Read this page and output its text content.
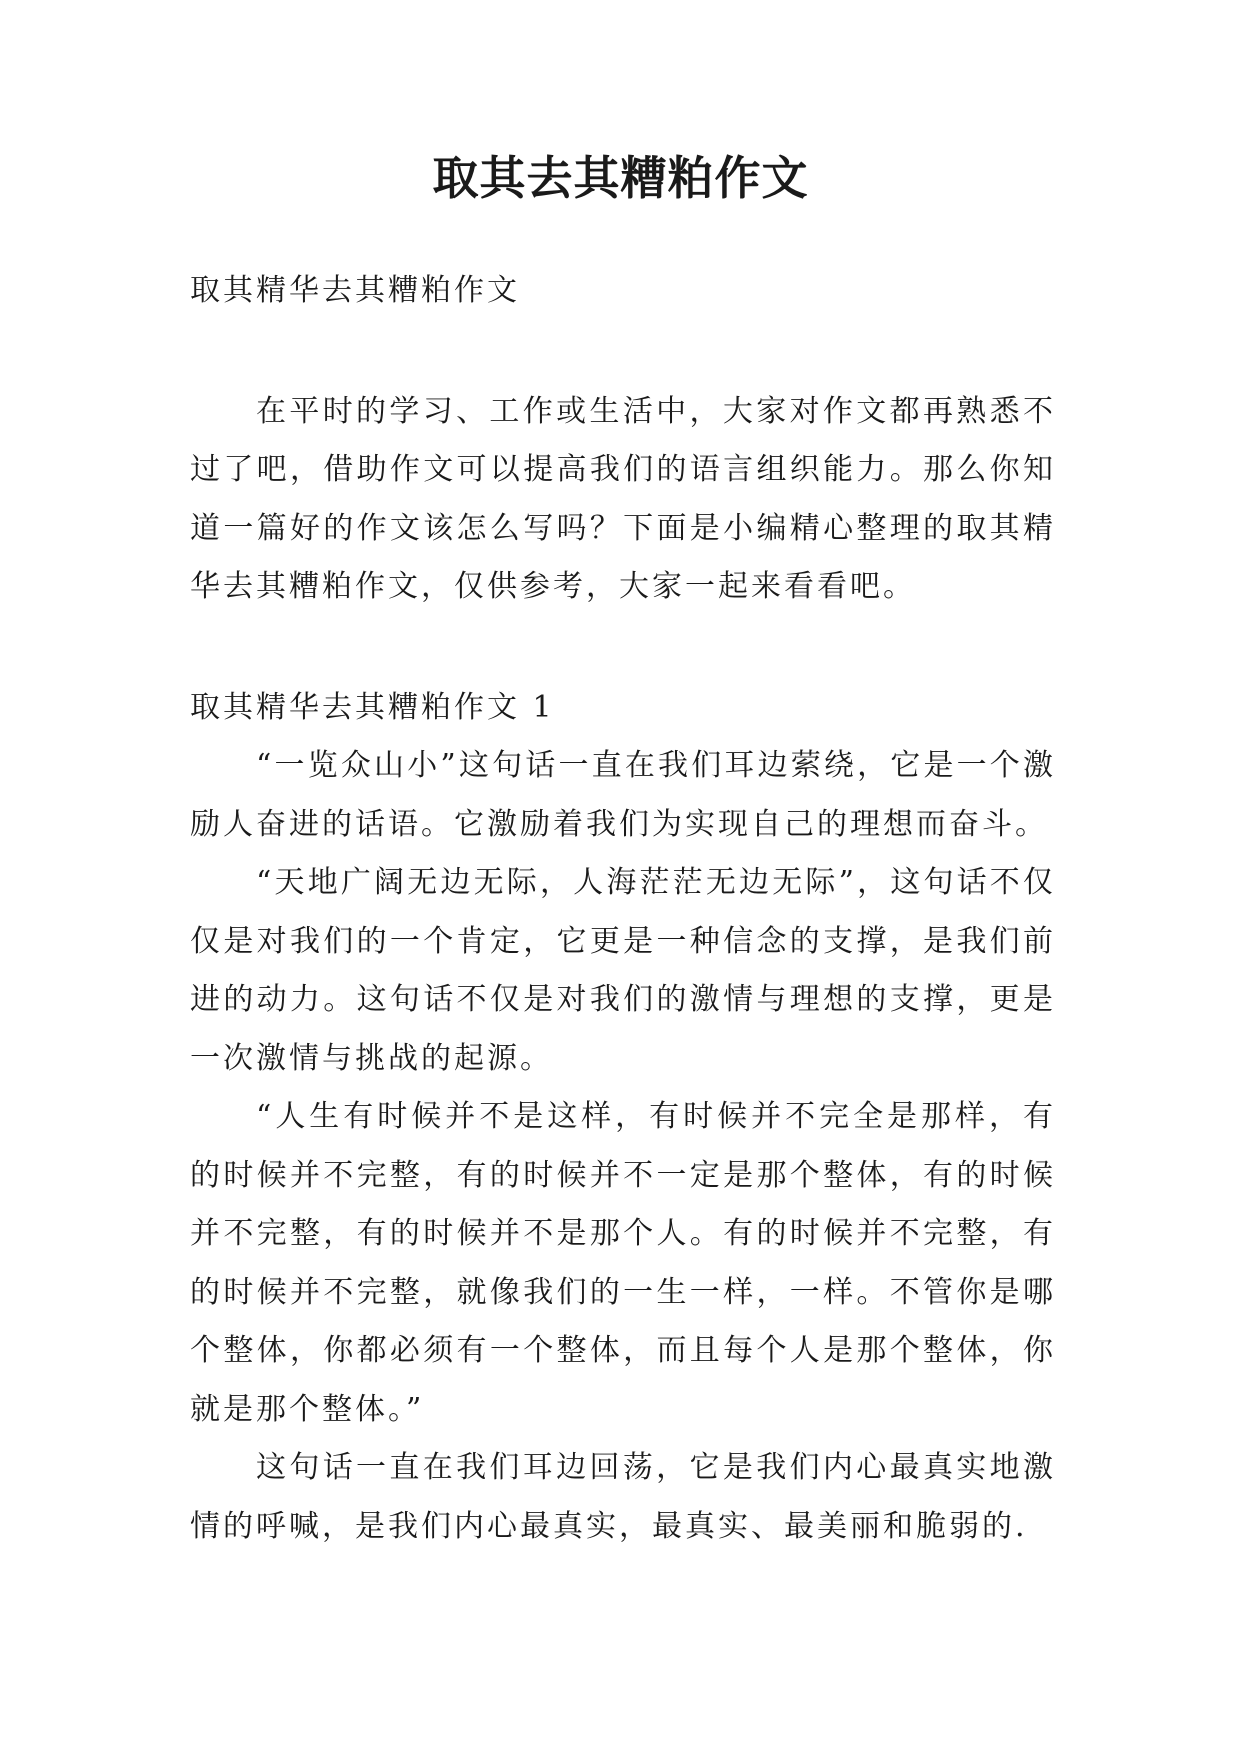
取其去其糟粕作文

取其精华去其糟粕作文

在平时的学习、工作或生活中，大家对作文都再熟悉不过了吧，借助作文可以提高我们的语言组织能力。那么你知道一篇好的作文该怎么写吗？下面是小编精心整理的取其精华去其糟粕作文，仅供参考，大家一起来看看吧。

取其精华去其糟粕作文 1

“一览众山小”这句话一直在我们耳边萦绕，它是一个激励人奋进的话语。它激励着我们为实现自己的理想而奋斗。

“天地广阔无边无际，人海茫茫无边无际”，这句话不仅仅是对我们的一个肯定，它更是一种信念的支撑，是我们前进的动力。这句话不仅是对我们的激情与理想的支撑，更是一次激情与挑战的起源。

“人生有时候并不是这样，有时候并不完全是那样，有的时候并不完整，有的时候并不一定是那个整体，有的时候并不完整，有的时候并不是那个人。有的时候并不完整，有的时候并不完整，就像我们的一生一样，一样。不管你是哪个整体，你都必须有一个整体，而且每个人是那个整体，你就是那个整体。”

这句话一直在我们耳边回荡，它是我们内心最真实地激情的呼喊，是我们内心最真实，最真实、最美丽和脆弱的.
